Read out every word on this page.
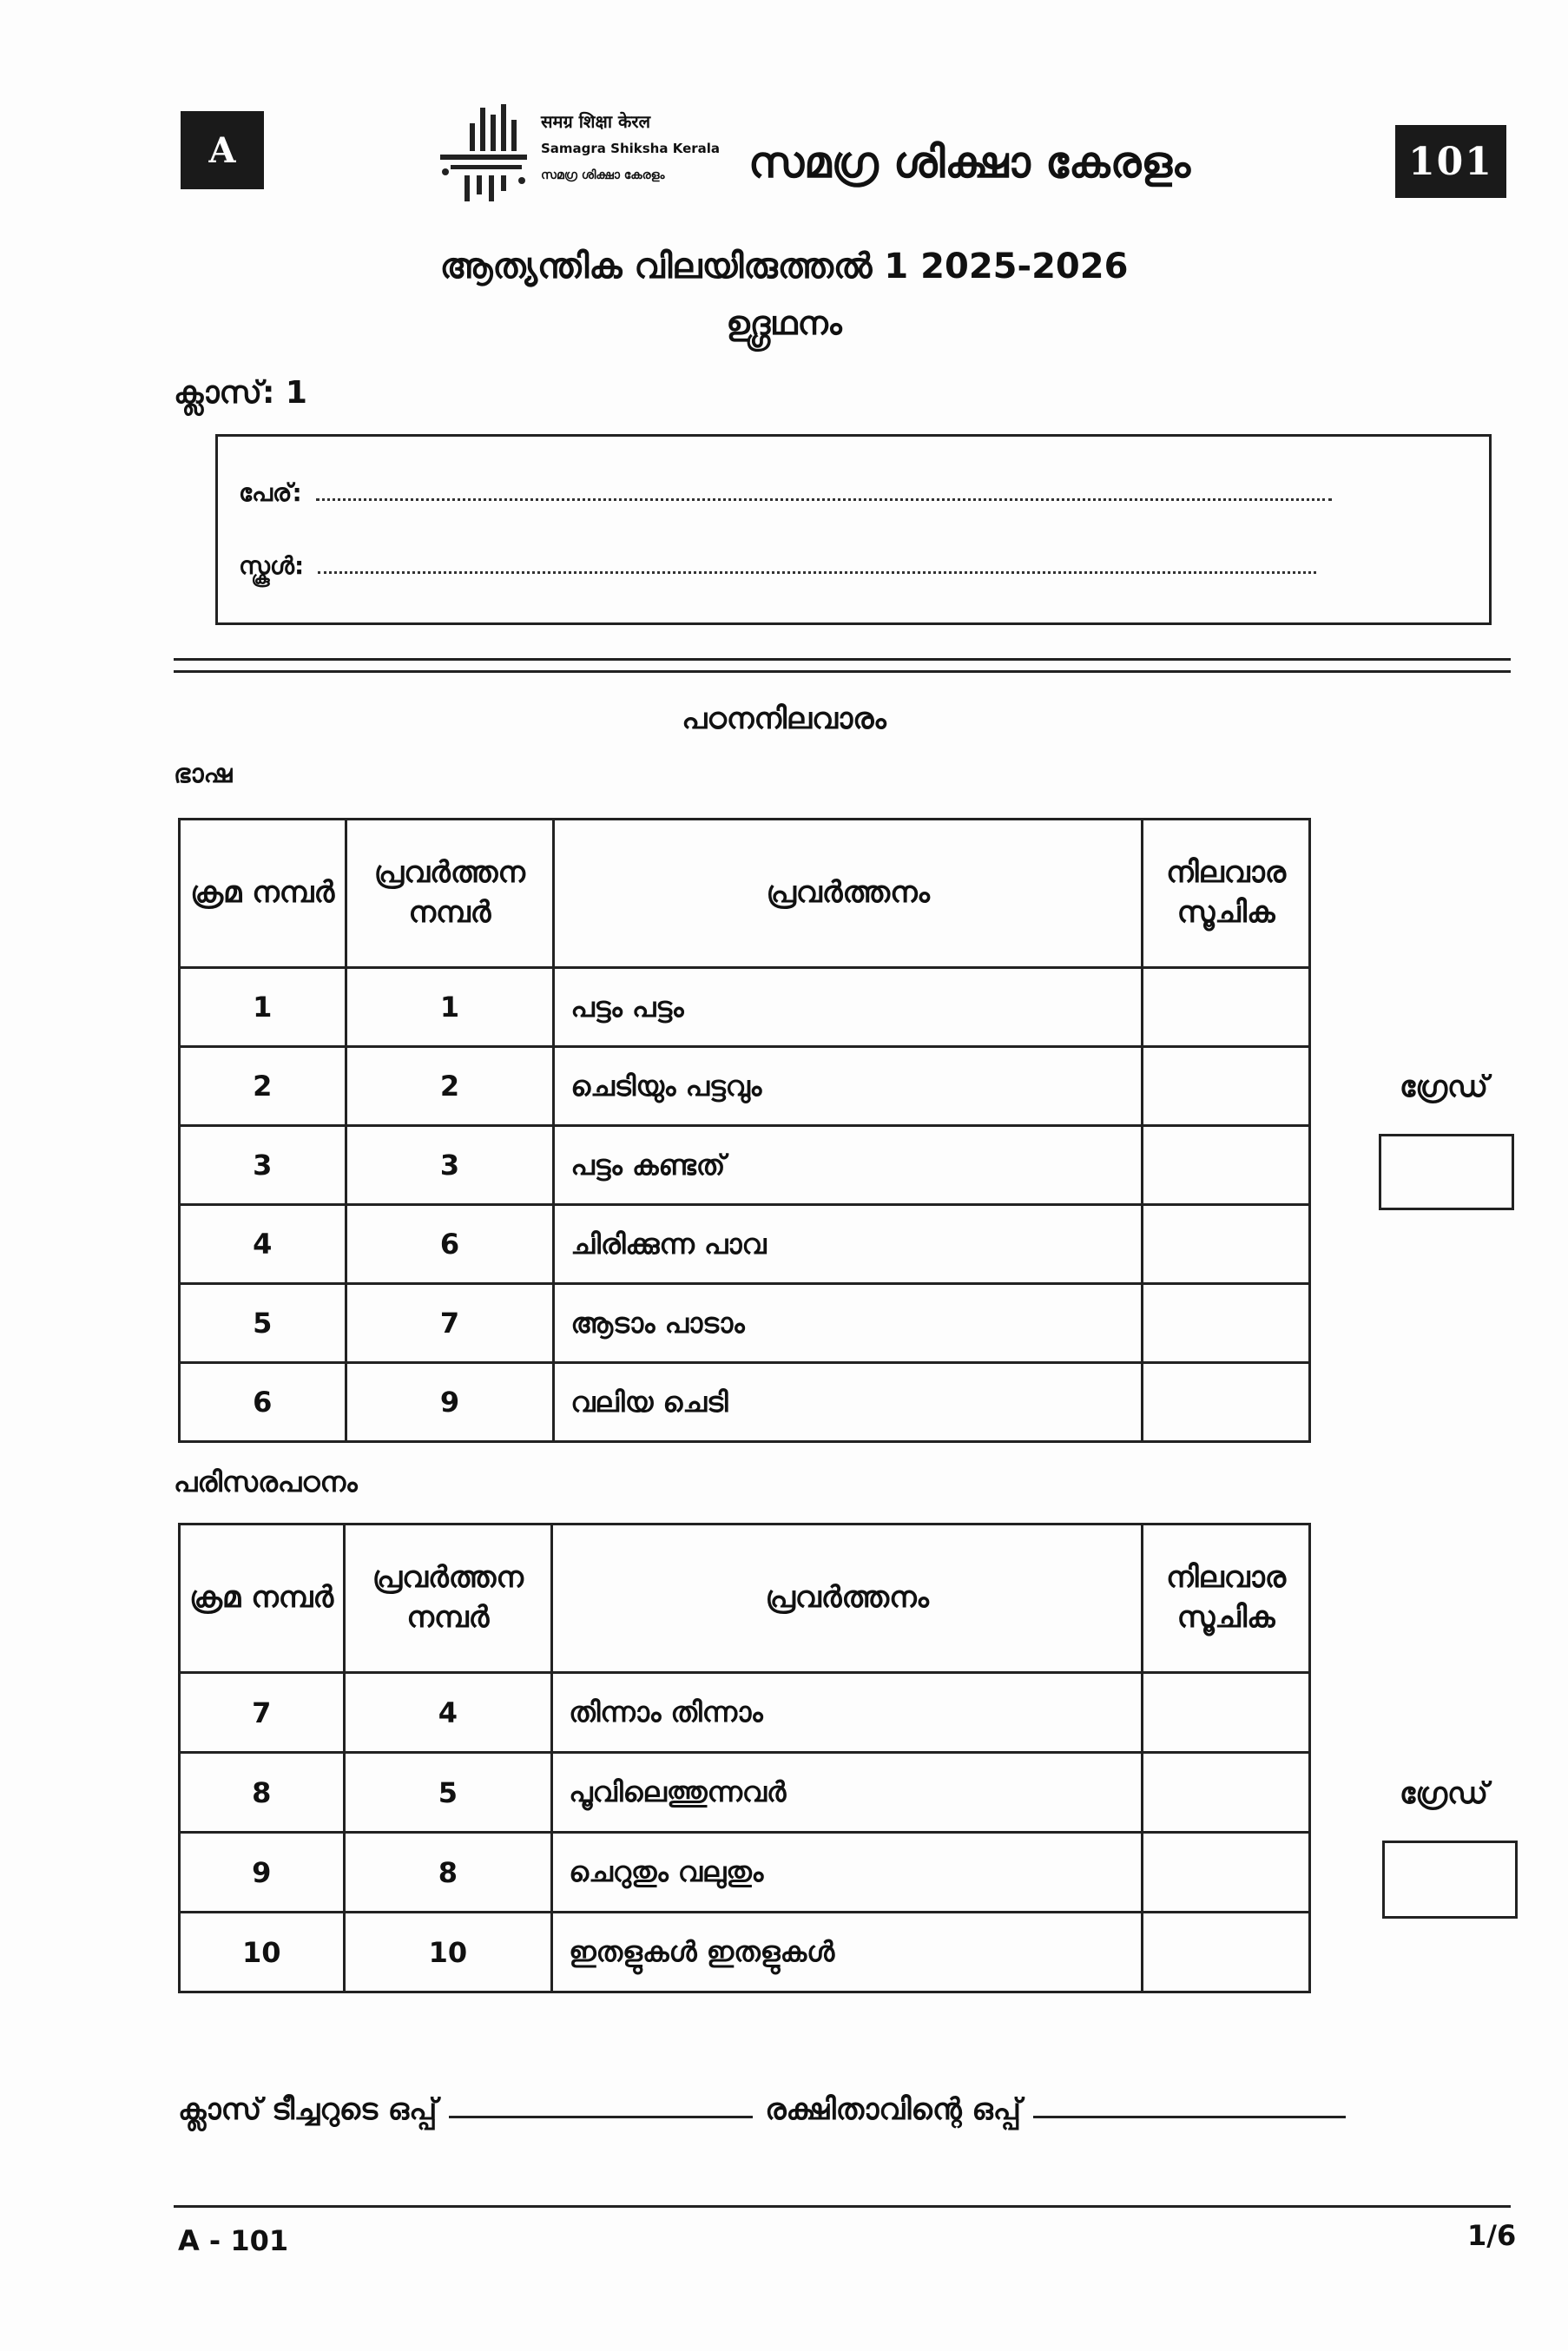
A
समग्र शिक्षा केरल
Samagra Shiksha Kerala
സമഗ്ര ശിക്ഷാ കേരളം സമഗ്ര ശിക്ഷാ കേരളം	101
ആത്യന്തിക വിലയിരുത്തൽ 1 2025-2026
ഉദ്ഗ്രഥനം
ക്ലാസ്: 1
പേര്:
സ്കൂൾ:
പഠനനിലവാരം
ഭാഷ
ക്രമ നമ്പർ	പ്രവർത്തന നമ്പർ	പ്രവർത്തനം	നിലവാര സൂചിക
1	1	പട്ടം പട്ടം	
2	2	ചെടിയും പട്ടവും	
3	3	പട്ടം കണ്ടത്	
4	6	ചിരിക്കുന്ന പാവ	
5	7	ആടാം പാടാം	
6	9	വലിയ ചെടി	
ഗ്രേഡ്
പരിസരപഠനം
ക്രമ നമ്പർ	പ്രവർത്തന നമ്പർ	പ്രവർത്തനം	നിലവാര സൂചിക
7	4	തിന്നാം തിന്നാം	
8	5	പൂവിലെത്തുന്നവർ	
9	8	ചെറുതും വലുതും	
10	10	ഇതളുകൾ ഇതളുകൾ	
ഗ്രേഡ്
ക്ലാസ് ടീച്ചറുടെ ഒപ്പ്	രക്ഷിതാവിന്റെ ഒപ്പ്
A - 101	1/6
